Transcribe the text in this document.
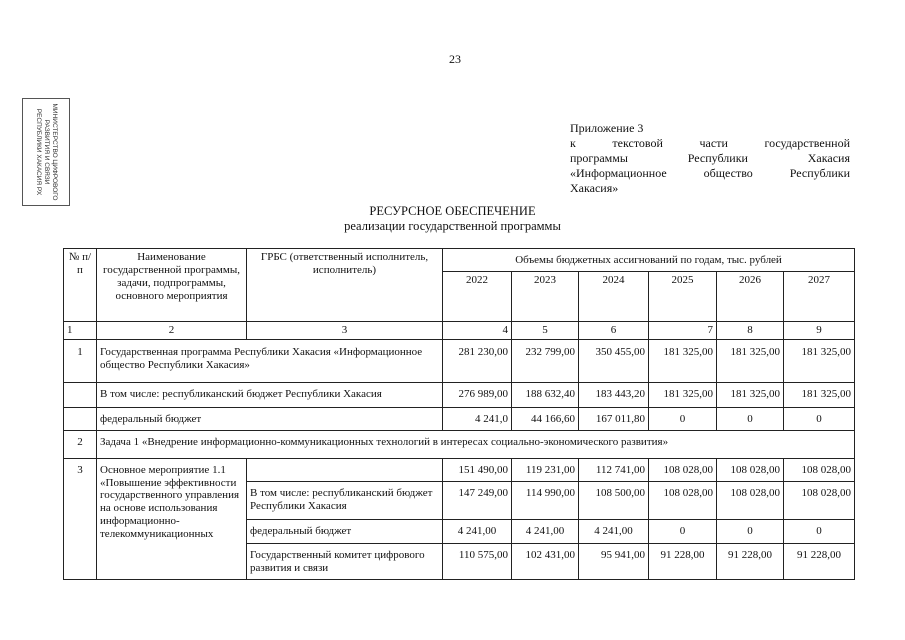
23
МИНИСТЕРСТВО ЦИФРОВОГО РАЗВИТИЯ И СВЯЗИ РЕСПУБЛИКИ ХАКАСИЯ РХ	Приложение 3
к текстовой части государственной
программы Республики Хакасия
«Информационное общество Республики
Хакасия»
РЕСУРСНОЕ ОБЕСПЕЧЕНИЕ
реализации государственной программы
№ п/п	Наименование государственной программы, задачи, подпрограммы, основного мероприятия	ГРБС (ответственный исполнитель, исполнитель)	Объемы бюджетных ассигнований по годам, тыс. рублей					
			2022	2023	2024	2025	2026	2027
1	2	3	4	5	6	7	8	9
1	Государственная программа Республики Хакасия «Информационное общество Республики Хакасия»		281 230,00	232 799,00	350 455,00	181 325,00	181 325,00	181 325,00
	В том числе: республиканский бюджет Республики Хакасия		276 989,00	188 632,40	183 443,20	181 325,00	181 325,00	181 325,00
	федеральный бюджет		4 241,0	44 166,60	167 011,80	0	0	0
2	Задача 1 «Внедрение информационно-коммуникационных технологий в интересах социально-экономического развития»							
3	Основное мероприятие 1.1 «Повышение эффективности государственного управления на основе использования информационно-телекоммуникационных		151 490,00	119 231,00	112 741,00	108 028,00	108 028,00	108 028,00
		В том числе: республиканский бюджет Республики Хакасия	147 249,00	114 990,00	108 500,00	108 028,00	108 028,00	108 028,00
		федеральный бюджет	4 241,00	4 241,00	4 241,00	0	0	0
		Государственный комитет цифрового развития и связи	110 575,00	102 431,00	95 941,00	91 228,00	91 228,00	91 228,00
